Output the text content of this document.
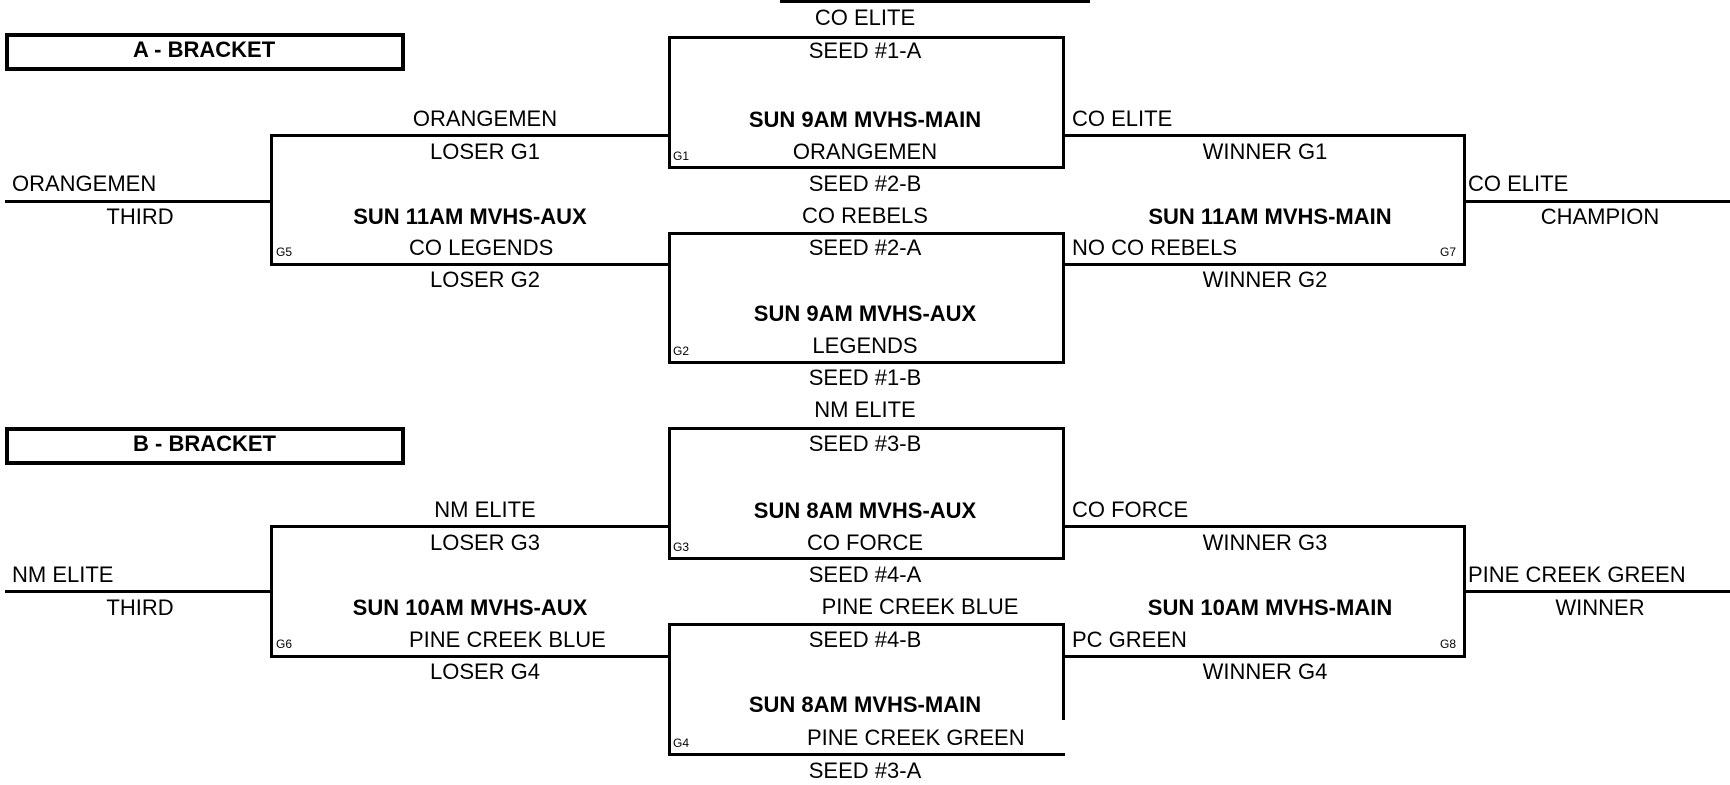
A - BRACKET
CO ELITE
SEED #1-A
SUN 9AM MVHS-MAIN
ORANGEMEN
G1
SEED #2-B
CO REBELS
SEED #2-A
SUN 9AM MVHS-AUX
LEGENDS
G2
SEED #1-B
ORANGEMEN
LOSER G1
SUN 11AM MVHS-AUX
CO LEGENDS
G5
LOSER G2
ORANGEMEN
THIRD
CO ELITE
WINNER G1
SUN 11AM MVHS-MAIN
NO CO REBELS	G7
WINNER G2
CO ELITE
CHAMPION
B - BRACKET
NM ELITE
SEED #3-B
SUN 8AM MVHS-AUX
CO FORCE
G3
SEED #4-A
PINE CREEK BLUE
SEED #4-B
SUN 8AM MVHS-MAIN
PINE CREEK GREEN
G4
SEED #3-A
NM ELITE
LOSER G3
SUN 10AM MVHS-AUX
PINE CREEK BLUE
G6
LOSER G4
NM ELITE
THIRD
CO FORCE
WINNER G3
SUN 10AM MVHS-MAIN
PC GREEN	G8
WINNER G4
PINE CREEK GREEN
WINNER
